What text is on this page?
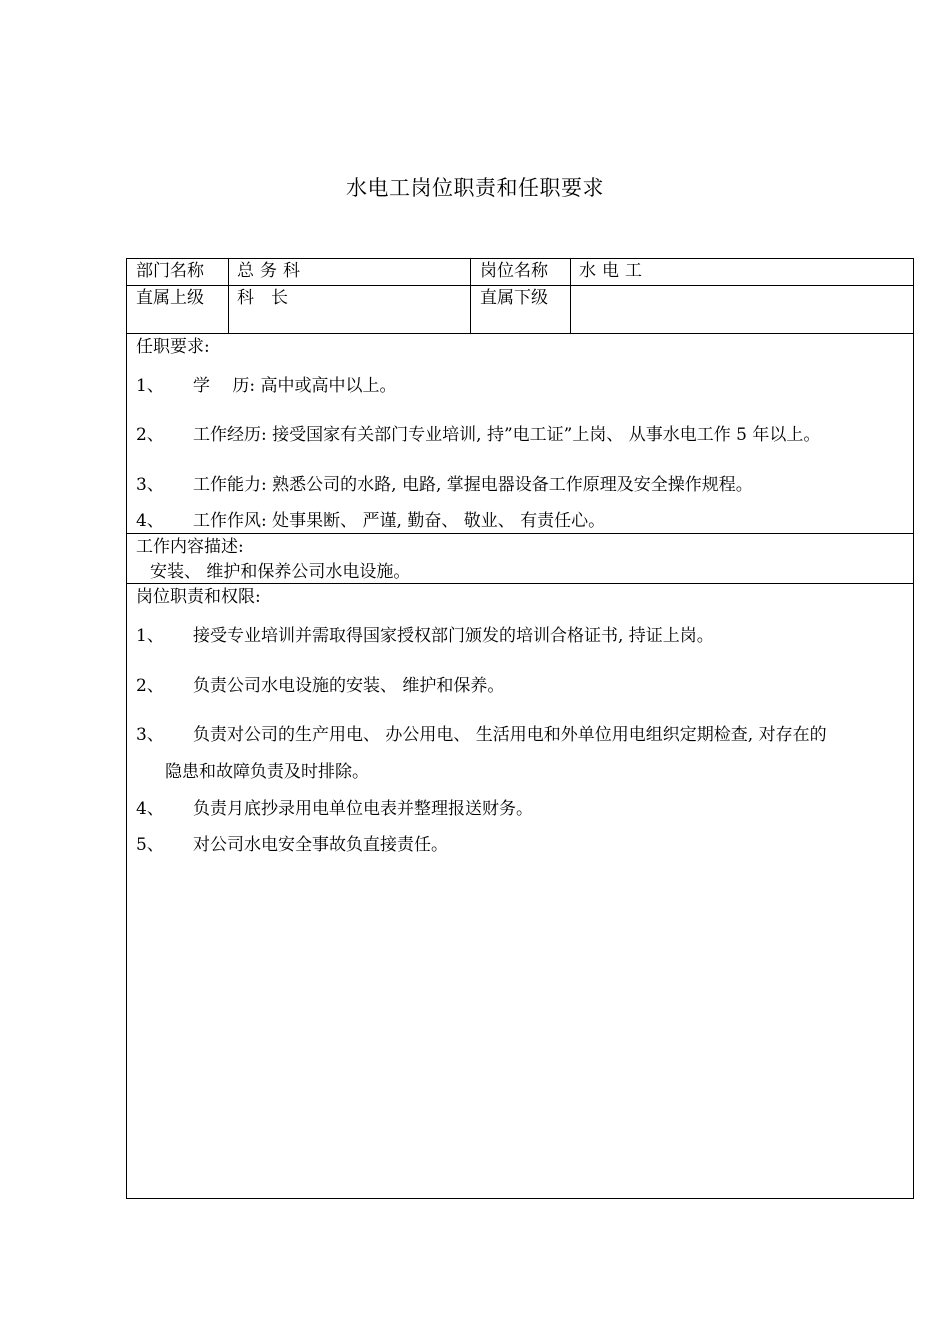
水电工岗位职责和任职要求
部门名称 总务科	岗位名称 水电工
直属上级 科　长	直属下级
任职要求:
1、 学　 历: 高中或高中以上。
2、 工作经历: 接受国家有关部门专业培训, 持”电工证”上岗、 从事水电工作 5 年以上。
3、 工作能力: 熟悉公司的水路, 电路, 掌握电器设备工作原理及安全操作规程。
4、 工作作风: 处事果断、 严谨, 勤奋、 敬业、 有责任心。
工作内容描述:
安装、 维护和保养公司水电设施。
岗位职责和权限:
1、 接受专业培训并需取得国家授权部门颁发的培训合格证书, 持证上岗。
2、 负责公司水电设施的安装、 维护和保养。
3、 负责对公司的生产用电、 办公用电、 生活用电和外单位用电组织定期检查, 对存在的
隐患和故障负责及时排除。
4、 负责月底抄录用电单位电表并整理报送财务。
5、 对公司水电安全事故负直接责任。
